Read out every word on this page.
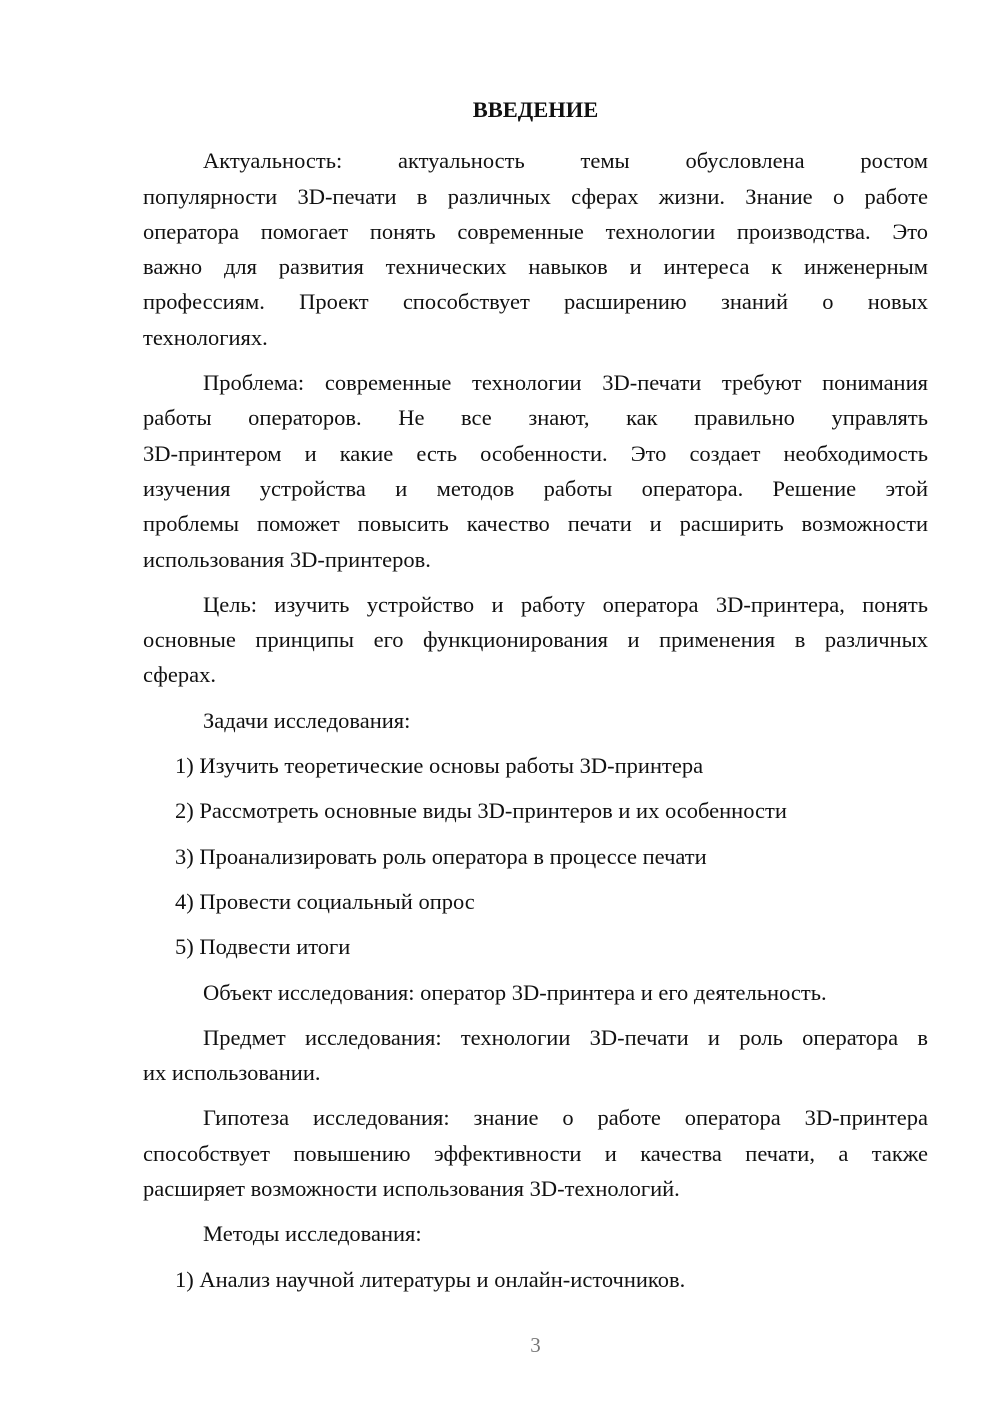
ВВЕДЕНИЕ
Актуальность: актуальность темы обусловлена ростом
популярности 3D-печати в различных сферах жизни. Знание о работе
оператора помогает понять современные технологии производства. Это
важно для развития технических навыков и интереса к инженерным
профессиям. Проект способствует расширению знаний о новых
технологиях.
Проблема: современные технологии 3D-печати требуют понимания
работы операторов. Не все знают, как правильно управлять
3D-принтером и какие есть особенности. Это создает необходимость
изучения устройства и методов работы оператора. Решение этой
проблемы поможет повысить качество печати и расширить возможности
использования 3D-принтеров.
Цель: изучить устройство и работу оператора 3D-принтера, понять
основные принципы его функционирования и применения в различных
сферах.
Задачи исследования:
1) Изучить теоретические основы работы 3D-принтера
2) Рассмотреть основные виды 3D-принтеров и их особенности
3) Проанализировать роль оператора в процессе печати
4) Провести социальный опрос
5) Подвести итоги
Объект исследования: оператор 3D-принтера и его деятельность.
Предмет исследования: технологии 3D-печати и роль оператора в
их использовании.
Гипотеза исследования: знание о работе оператора 3D-принтера
способствует повышению эффективности и качества печати, а также
расширяет возможности использования 3D-технологий.
Методы исследования:
1) Анализ научной литературы и онлайн-источников.
3
